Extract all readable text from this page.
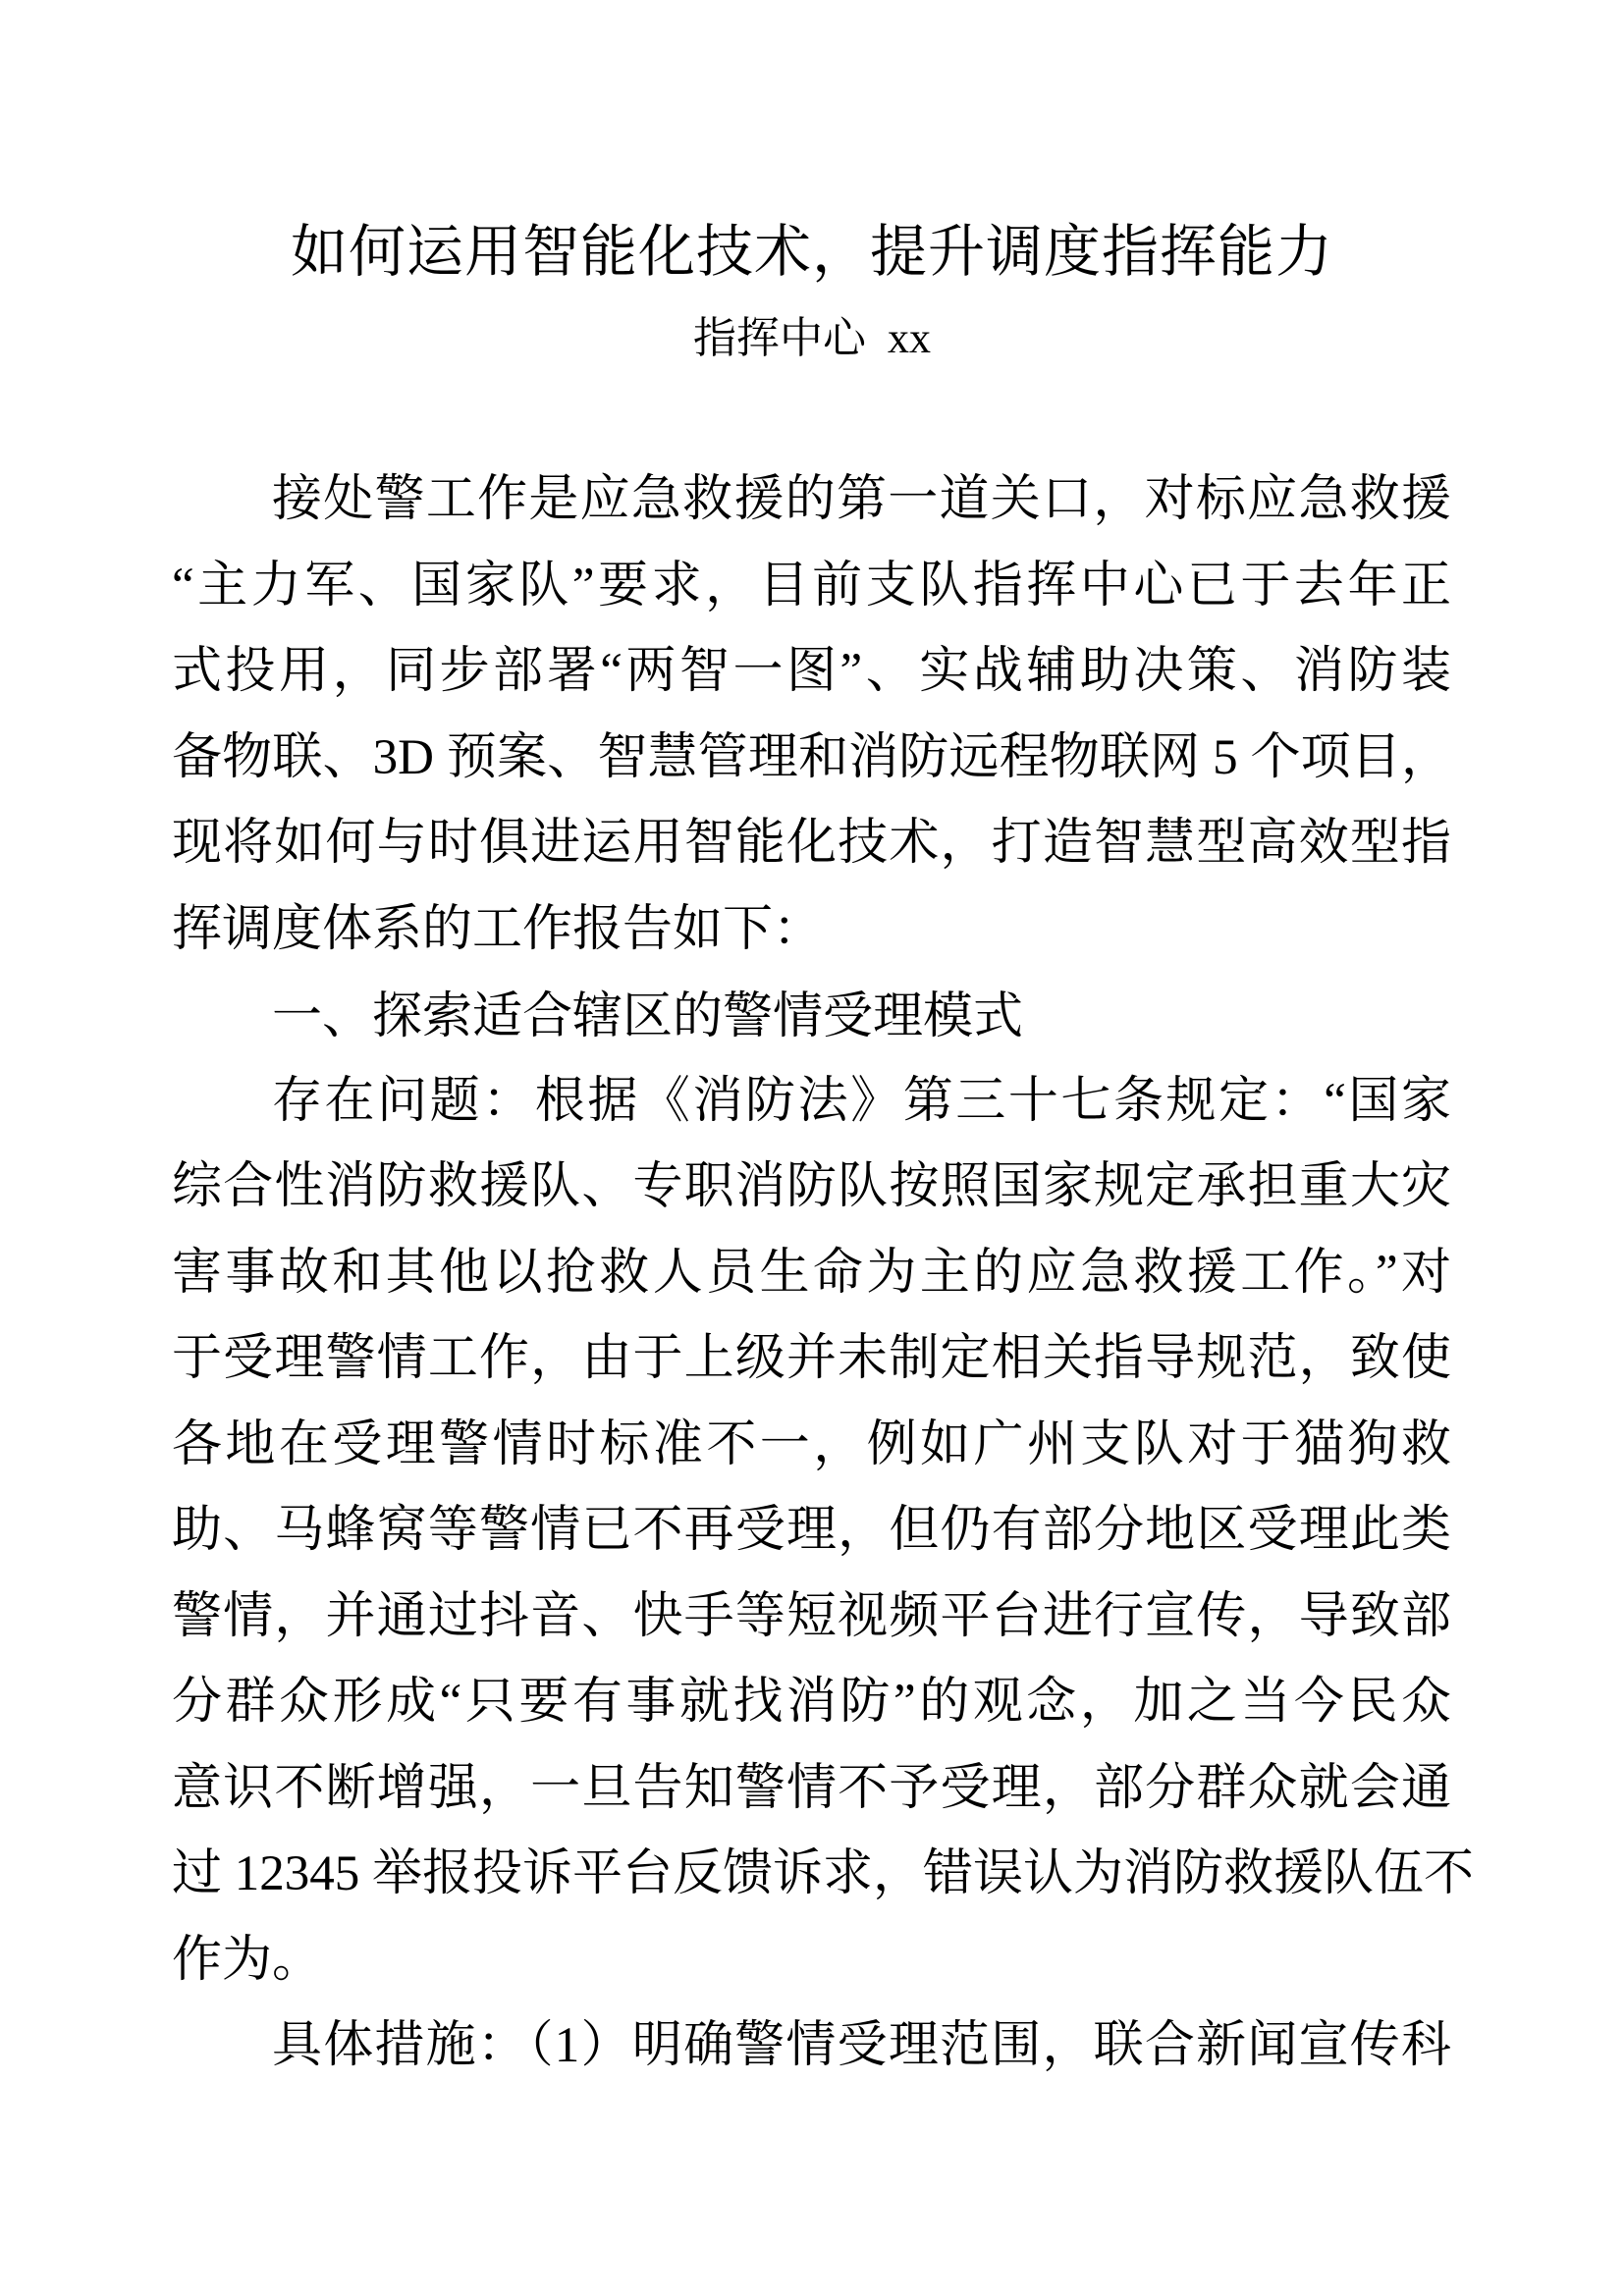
如何运用智能化技术，提升调度指挥能力
指挥中心 xx
接处警工作是应急救援的第一道关口，对标应急救援
“主力军、国家队”要求，目前支队指挥中心已于去年正
式投用，同步部署“两智一图”、实战辅助决策、消防装
备物联、3D 预案、智慧管理和消防远程物联网 5 个项目，
现将如何与时俱进运用智能化技术，打造智慧型高效型指
挥调度体系的工作报告如下：
一、探索适合辖区的警情受理模式
存在问题：根据《消防法》第三十七条规定：“国家
综合性消防救援队、专职消防队按照国家规定承担重大灾
害事故和其他以抢救人员生命为主的应急救援工作。”对
于受理警情工作，由于上级并未制定相关指导规范，致使
各地在受理警情时标准不一，例如广州支队对于猫狗救
助、马蜂窝等警情已不再受理，但仍有部分地区受理此类
警情，并通过抖音、快手等短视频平台进行宣传，导致部
分群众形成“只要有事就找消防”的观念，加之当今民众
意识不断增强，一旦告知警情不予受理，部分群众就会通
过 12345 举报投诉平台反馈诉求，错误认为消防救援队伍不
作为。
具体措施：（1）明确警情受理范围，联合新闻宣传科
